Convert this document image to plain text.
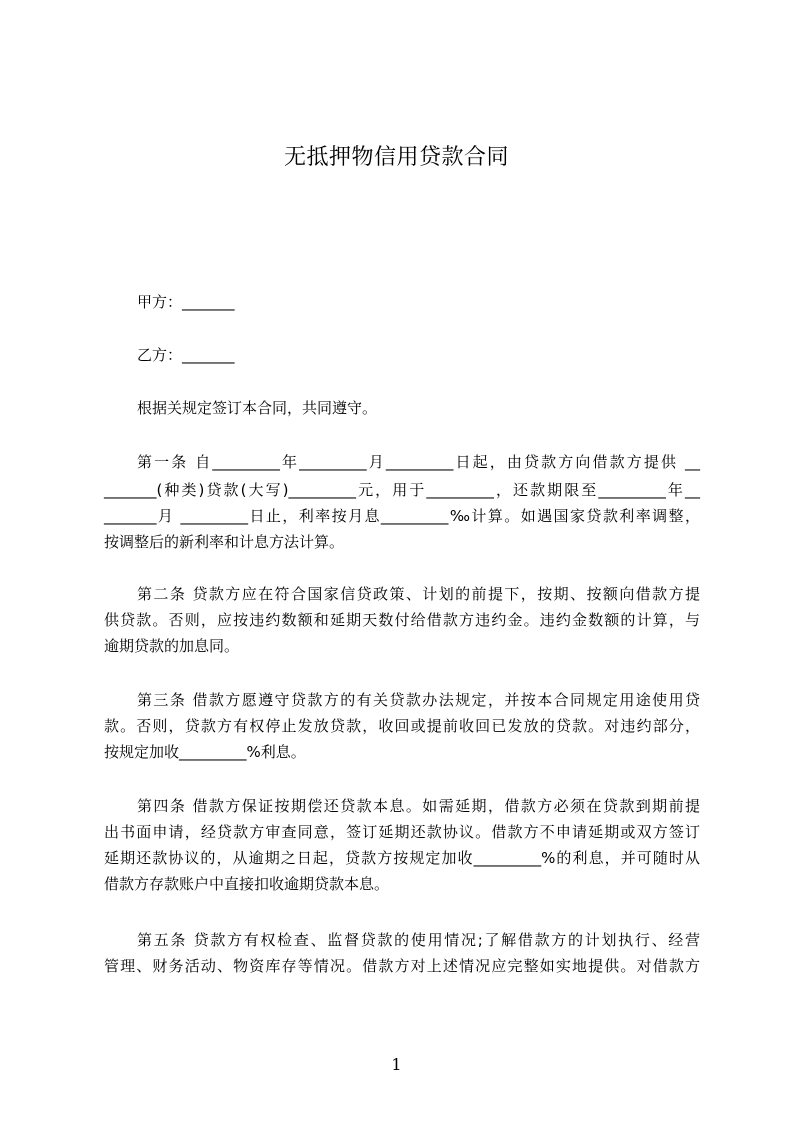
无抵押物信用贷款合同
甲方：_______
乙方：_______
根据关规定签订本合同，共同遵守。
第一条 自_________年_________月_________日起，由贷款方向借款方提供 __
_______(种类)贷款(大写)_________元，用于_________，还款期限至_________年__
_______月 _________日止，利率按月息_________‰计算。如遇国家贷款利率调整，
按调整后的新利率和计息方法计算。
第二条 贷款方应在符合国家信贷政策、计划的前提下，按期、按额向借款方提
供贷款。否则，应按违约数额和延期天数付给借款方违约金。违约金数额的计算，与
逾期贷款的加息同。
第三条 借款方愿遵守贷款方的有关贷款办法规定，并按本合同规定用途使用贷
款。否则，贷款方有权停止发放贷款，收回或提前收回已发放的贷款。对违约部分，
按规定加收_________%利息。
第四条 借款方保证按期偿还贷款本息。如需延期，借款方必须在贷款到期前提
出书面申请，经贷款方审查同意，签订延期还款协议。借款方不申请延期或双方签订
延期还款协议的，从逾期之日起，贷款方按规定加收_________%的利息，并可随时从
借款方存款账户中直接扣收逾期贷款本息。
第五条 贷款方有权检查、监督贷款的使用情况;了解借款方的计划执行、经营
管理、财务活动、物资库存等情况。借款方对上述情况应完整如实地提供。对借款方
1
